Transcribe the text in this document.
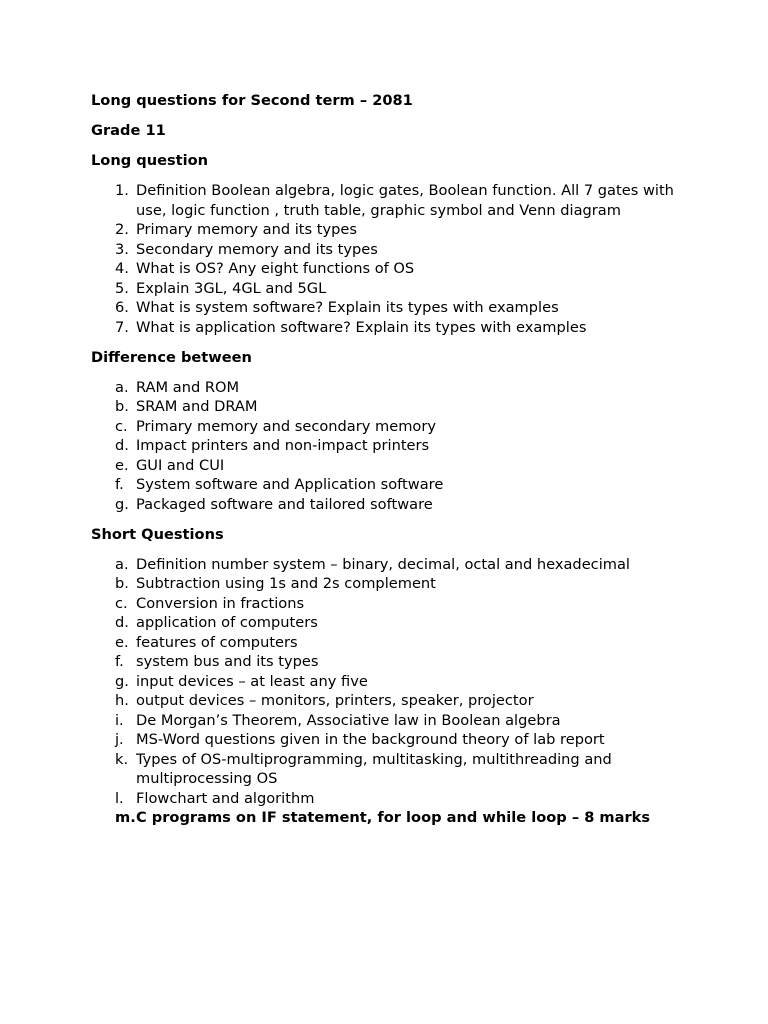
Long questions for Second term – 2081
Grade 11
Long question
1. Definition Boolean algebra, logic gates, Boolean function. All 7 gates with use, logic function , truth table, graphic symbol and Venn diagram
2. Primary memory and its types
3. Secondary memory and its types
4. What is OS? Any eight functions of OS
5. Explain 3GL, 4GL and 5GL
6. What is system software? Explain its types with examples
7. What is application software? Explain its types with examples
Difference between
a. RAM and ROM
b. SRAM and DRAM
c. Primary memory and secondary memory
d. Impact printers and non-impact printers
e. GUI and CUI
f. System software and Application software
g. Packaged software and tailored software
Short Questions
a. Definition number system – binary, decimal, octal and hexadecimal
b. Subtraction using 1s and 2s complement
c. Conversion in fractions
d. application of computers
e. features of computers
f. system bus and its types
g. input devices – at least any five
h. output devices – monitors, printers, speaker, projector
i. De Morgan’s Theorem, Associative law in Boolean algebra
j. MS-Word questions given in the background theory of lab report
k. Types of OS-multiprogramming, multitasking, multithreading and multiprocessing OS
l. Flowchart and algorithm
m. C programs on IF statement, for loop and while loop – 8 marks
